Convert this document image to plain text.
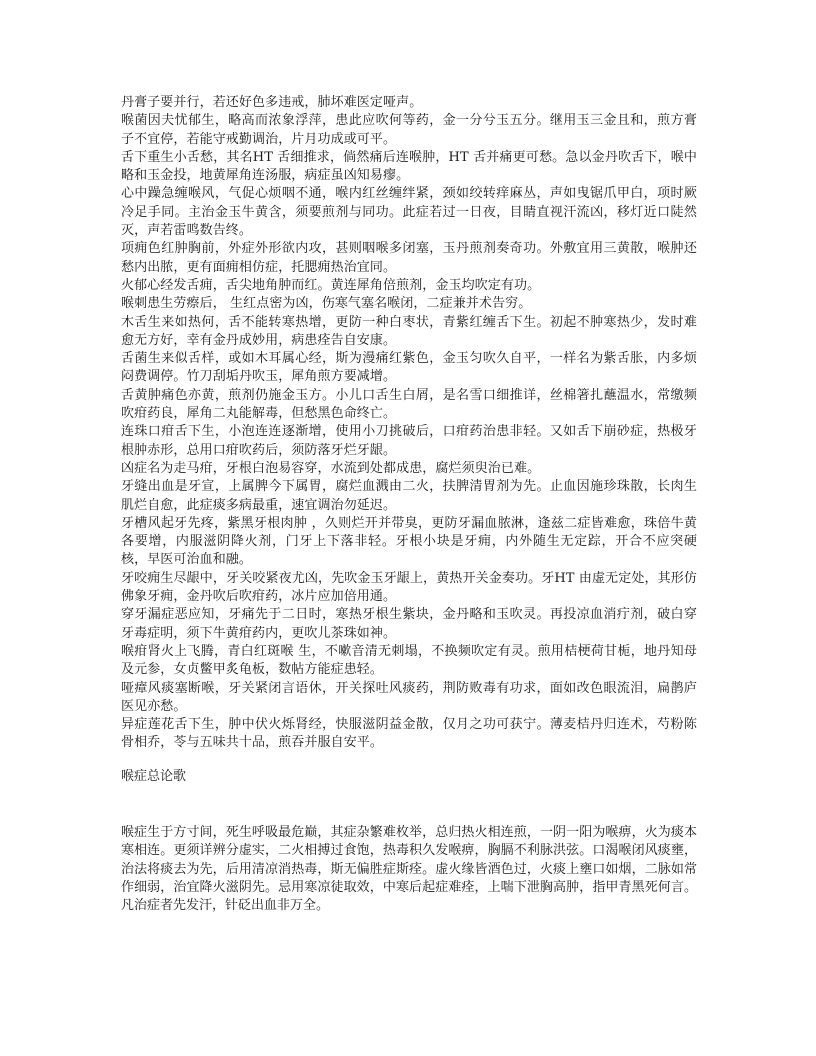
丹膏子要并行，若还好色多违戒，肺坏难医定哑声。

喉菌因夫忧郁生，略高而浓象浮萍，患此应吹何等药，金一分兮玉五分。继用玉三金且和，煎方膏子不宜停，若能守戒勤调治，片月功成或可平。

舌下重生小舌愁，其名HT 舌细推求，倘然痛后连喉肿，HT 舌并痛更可愁。急以金丹吹舌下，喉中略和玉金投，地黄犀角连汤服，病症虽凶知易瘳。

心中躁急缠喉风，气促心烦咽不通，喉内红丝缠绊紧，颈如绞转痒麻丛，声如曳锯爪甲白，项时厥冷足手同。主治金玉牛黄含，须要煎剂与同功。此症若过一日夜，目睛直视汗流凶，移灯近口陡然灭，声若雷鸣数告终。

项痈色红肿胸前，外症外形欲内攻，甚则咽喉多闭塞，玉丹煎剂奏奇功。外敷宜用三黄散，喉肿还愁内出脓，更有面痈相仿症，托腮痈热治宜同。

火郁心经发舌痈，舌尖地角肿而红。黄连犀角倍煎剂，金玉均吹定有功。

喉刺患生劳瘵后， 生红点密为凶，伤寒气塞名喉闭，二症兼并术告穷。

木舌生来如热何，舌不能转寒热增，更防一种白枣状，青紫红缠舌下生。初起不肿寒热少，发时难愈无方好，幸有金丹成妙用，病患痊告自安康。

舌菌生来似舌样，或如木耳属心经，斯为漫痛红紫色，金玉匀吹久自平，一样名为紫舌胀，内多烦闷费调停。竹刀刮垢丹吹玉，犀角煎方要减增。

舌黄肿痛色亦黄，煎剂仍施金玉方。小儿口舌生白屑，是名雪口细推详，丝棉箸扎蘸温水，常缴频吹疳药良，犀角二丸能解毒，但愁黑色命终亡。

连珠口疳舌下生，小泡连连逐渐增，使用小刀挑破后，口疳药治患非轻。又如舌下崩砂症，热极牙根肿赤形，总用口疳吹药后，须防落牙烂牙龈。

凶症名为走马疳，牙根白泡易容穿，水流到处都成患，腐烂须臾治已难。

牙缝出血是牙宣，上属脾今下属胃，腐烂血溅由二火，扶脾清胃剂为先。止血因施珍珠散，长肉生肌烂自愈，此症痰多病最重，速宜调治勿延迟。

牙槽风起牙先疼，紫黑牙根肉肿 ，久则烂开并带臭，更防牙漏血脓淋，逢兹二症皆难愈，珠倍牛黄各要增，内服滋阴降火剂，门牙上下落非轻。牙根小块是牙痈，内外随生无定踪，开合不应突硬核，早医可治血和融。

牙咬痈生尽龈中，牙关咬紧夜尤凶，先吹金玉牙龈上，黄热开关金奏功。牙HT 由虚无定处，其形仿佛象牙痈，金丹吹后吹疳药，冰片应加倍用通。

穿牙漏症恶应知，牙痛先于二日时，寒热牙根生紫块，金丹略和玉吹灵。再投凉血消疔剂，破白穿牙毒症明，须下牛黄疳药内，更吹儿茶珠如神。

喉疳肾火上飞腾，青白红斑喉 生，不嗽音清无刺塌，不换频吹定有灵。煎用桔梗荷甘栀，地丹知母及元参，女贞鳖甲炙龟板，数帖方能症患轻。

哑瘴风痰塞断喉，牙关紧闭言语休，开关探吐风痰药，荆防败毒有功求，面如改色眼流泪，扁鹊庐医见亦愁。

异症莲花舌下生，肿中伏火烁肾经，快服滋阴益金散，仅月之功可获宁。薄麦桔丹归连术，芍粉陈骨相乔，苓与五味共十品，煎吞并服自安平。

喉症总论歌

喉症生于方寸间，死生呼吸最危巅，其症杂繁难枚举，总归热火相连煎，一阴一阳为喉痹，火为痰本寒相连。更须详辨分虚实，二火相搏过食饱，热毒积久发喉痹，胸膈不利脉洪弦。口渴喉闭风痰壅，治法将痰去为先，后用清凉消热毒，斯无偏胜症斯痊。虚火缘皆酒色过，火痰上壅口如烟，二脉如常作细弱，治宜降火滋阴先。忌用寒凉徒取效，中寒后起症难痊，上喘下泄胸高肿，指甲青黑死何言。凡治症者先发汗，针砭出血非万全。
